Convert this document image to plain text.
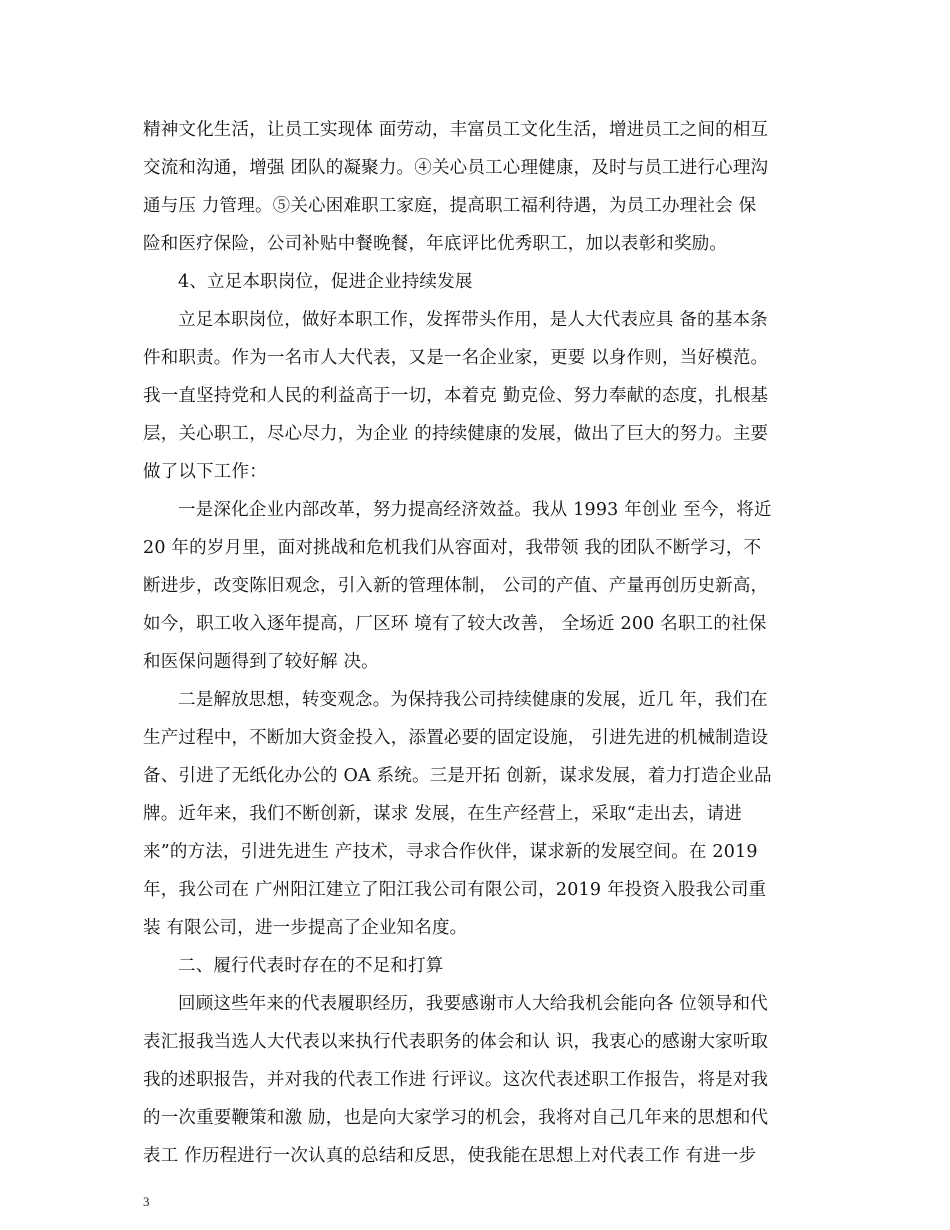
精神文化生活，让员工实现体 面劳动，丰富员工文化生活，增进员工之间的相互
交流和沟通，增强 团队的凝聚力。④关心员工心理健康，及时与员工进行心理沟
通与压 力管理。⑤关心困难职工家庭，提高职工福利待遇，为员工办理社会 保
险和医疗保险，公司补贴中餐晚餐，年底评比优秀职工，加以表彰和奖励。
4、立足本职岗位，促进企业持续发展
立足本职岗位，做好本职工作，发挥带头作用，是人大代表应具 备的基本条
件和职责。作为一名市人大代表，又是一名企业家，更要 以身作则，当好模范。
我一直坚持党和人民的利益高于一切，本着克 勤克俭、努力奉献的态度，扎根基
层，关心职工，尽心尽力，为企业 的持续健康的发展，做出了巨大的努力。主要
做了以下工作：
一是深化企业内部改革，努力提高经济效益。我从 1993 年创业 至今，将近
20 年的岁月里，面对挑战和危机我们从容面对，我带领 我的团队不断学习，不
断进步，改变陈旧观念，引入新的管理体制， 公司的产值、产量再创历史新高，
如今，职工收入逐年提高，厂区环 境有了较大改善， 全场近 200 名职工的社保
和医保问题得到了较好解 决。
二是解放思想，转变观念。为保持我公司持续健康的发展，近几 年，我们在
生产过程中，不断加大资金投入，添置必要的固定设施， 引进先进的机械制造设
备、引进了无纸化办公的 OA 系统。三是开拓 创新，谋求发展，着力打造企业品
牌。近年来，我们不断创新，谋求 发展，在生产经营上，采取“走出去，请进
来”的方法，引进先进生 产技术，寻求合作伙伴，谋求新的发展空间。在 2019
年，我公司在 广州阳江建立了阳江我公司有限公司，2019 年投资入股我公司重
装 有限公司，进一步提高了企业知名度。
二、履行代表时存在的不足和打算
回顾这些年来的代表履职经历，我要感谢市人大给我机会能向各 位领导和代
表汇报我当选人大代表以来执行代表职务的体会和认 识，我衷心的感谢大家听取
我的述职报告，并对我的代表工作进 行评议。这次代表述职工作报告，将是对我
的一次重要鞭策和激 励，也是向大家学习的机会，我将对自己几年来的思想和代
表工 作历程进行一次认真的总结和反思，使我能在思想上对代表工作 有进一步
3
